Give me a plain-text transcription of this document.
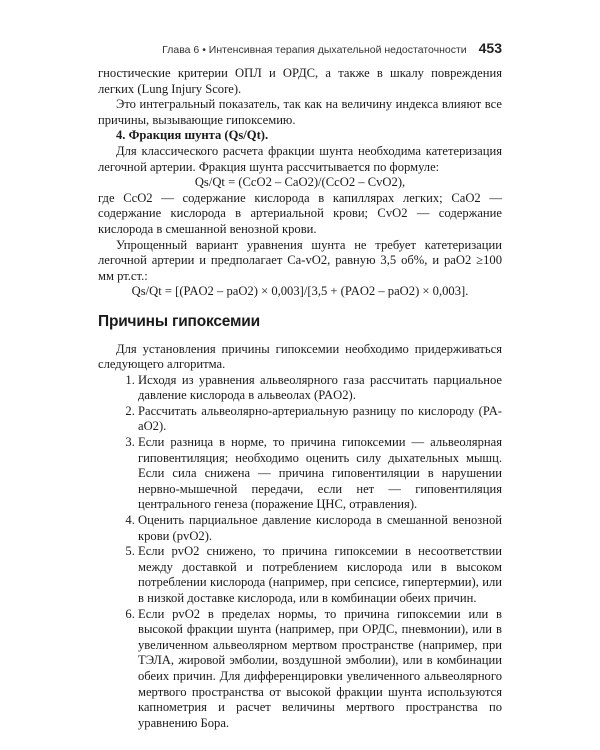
Глава 6 • Интенсивная терапия дыхательной недостаточности 453

гностические критерии ОПЛ и ОРДС, а также в шкалу повреждения легких (Lung Injury Score).

Это интегральный показатель, так как на величину индекса влияют все причины, вызывающие гипоксемию.

4. Фракция шунта (Qs/Qt).

Для классического расчета фракции шунта необходима катетеризация легочной артерии. Фракция шунта рассчитывается по формуле:

Qs/Qt = (CcO2 – CaO2)/(CcO2 – CvO2),

где CcO2 — содержание кислорода в капиллярах легких; CaO2 — содержание кислорода в артериальной крови; CvO2 — содержание кислорода в смешанной венозной крови.

Упрощенный вариант уравнения шунта не требует катетеризации легочной артерии и предполагает Ca-vO2, равную 3,5 об%, и paO2 ≥100 мм рт.ст.:

Qs/Qt = [(PAO2 – paO2) × 0,003]/[3,5 + (PAO2 – paO2) × 0,003].

Причины гипоксемии

Для установления причины гипоксемии необходимо придерживаться следующего алгоритма.

1. Исходя из уравнения альвеолярного газа рассчитать парциальное давление кислорода в альвеолах (PAO2).
2. Рассчитать альвеолярно-артериальную разницу по кислороду (PA-aO2).
3. Если разница в норме, то причина гипоксемии — альвеолярная гиповентиляция; необходимо оценить силу дыхательных мышц. Если сила снижена — причина гиповентиляции в нарушении нервно-мышечной передачи, если нет — гиповентиляция центрального генеза (поражение ЦНС, отравления).
4. Оценить парциальное давление кислорода в смешанной венозной крови (pvO2).
5. Если pvO2 снижено, то причина гипоксемии в несоответствии между доставкой и потреблением кислорода или в высоком потреблении кислорода (например, при сепсисе, гипертермии), или в низкой доставке кислорода, или в комбинации обеих причин.
6. Если pvO2 в пределах нормы, то причина гипоксемии или в высокой фракции шунта (например, при ОРДС, пневмонии), или в увеличенном альвеолярном мертвом пространстве (например, при ТЭЛА, жировой эмболии, воздушной эмболии), или в комбинации обеих причин. Для дифференцировки увеличенного альвеолярного мертвого пространства от высокой фракции шунта используются капнометрия и расчет величины мертвого пространства по уравнению Бора.
